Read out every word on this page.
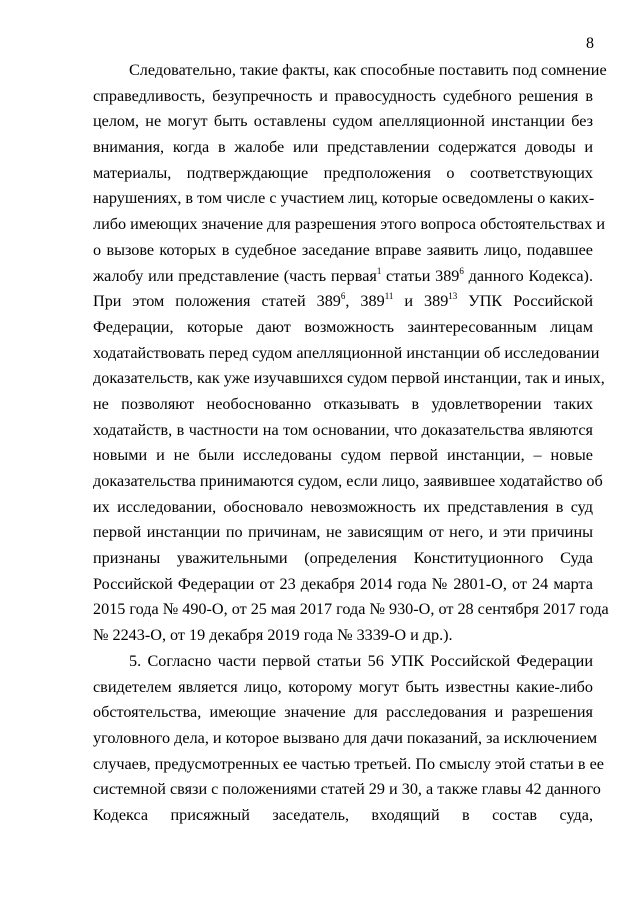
8
Следовательно, такие факты, как способные поставить под сомнение
справедливость, безупречность и правосудность судебного решения в
целом, не могут быть оставлены судом апелляционной инстанции без
внимания, когда в жалобе или представлении содержатся доводы и
материалы, подтверждающие предположения о соответствующих
нарушениях, в том числе с участием лиц, которые осведомлены о каких-
либо имеющих значение для разрешения этого вопроса обстоятельствах и
о вызове которых в судебное заседание вправе заявить лицо, подавшее
жалобу или представление (часть первая$^1$ статьи $389^6$ данного Кодекса).
При этом положения статей $389^6$, $389^{11}$ и $389^{13}$ УПК Российской
Федерации, которые дают возможность заинтересованным лицам
ходатайствовать перед судом апелляционной инстанции об исследовании
доказательств, как уже изучавшихся судом первой инстанции, так и иных,
не позволяют необоснованно отказывать в удовлетворении таких
ходатайств, в частности на том основании, что доказательства являются
новыми и не были исследованы судом первой инстанции, – новые
доказательства принимаются судом, если лицо, заявившее ходатайство об
их исследовании, обосновало невозможность их представления в суд
первой инстанции по причинам, не зависящим от него, и эти причины
признаны уважительными (определения Конституционного Суда
Российской Федерации от 23 декабря 2014 года № 2801-О, от 24 марта
2015 года № 490-О, от 25 мая 2017 года № 930-О, от 28 сентября 2017 года
№ 2243-О, от 19 декабря 2019 года № 3339-О и др.).
5. Согласно части первой статьи 56 УПК Российской Федерации
свидетелем является лицо, которому могут быть известны какие-либо
обстоятельства, имеющие значение для расследования и разрешения
уголовного дела, и которое вызвано для дачи показаний, за исключением
случаев, предусмотренных ее частью третьей. По смыслу этой статьи в ее
системной связи с положениями статей 29 и 30, а также главы 42 данного
Кодекса присяжный заседатель, входящий в состав суда,
